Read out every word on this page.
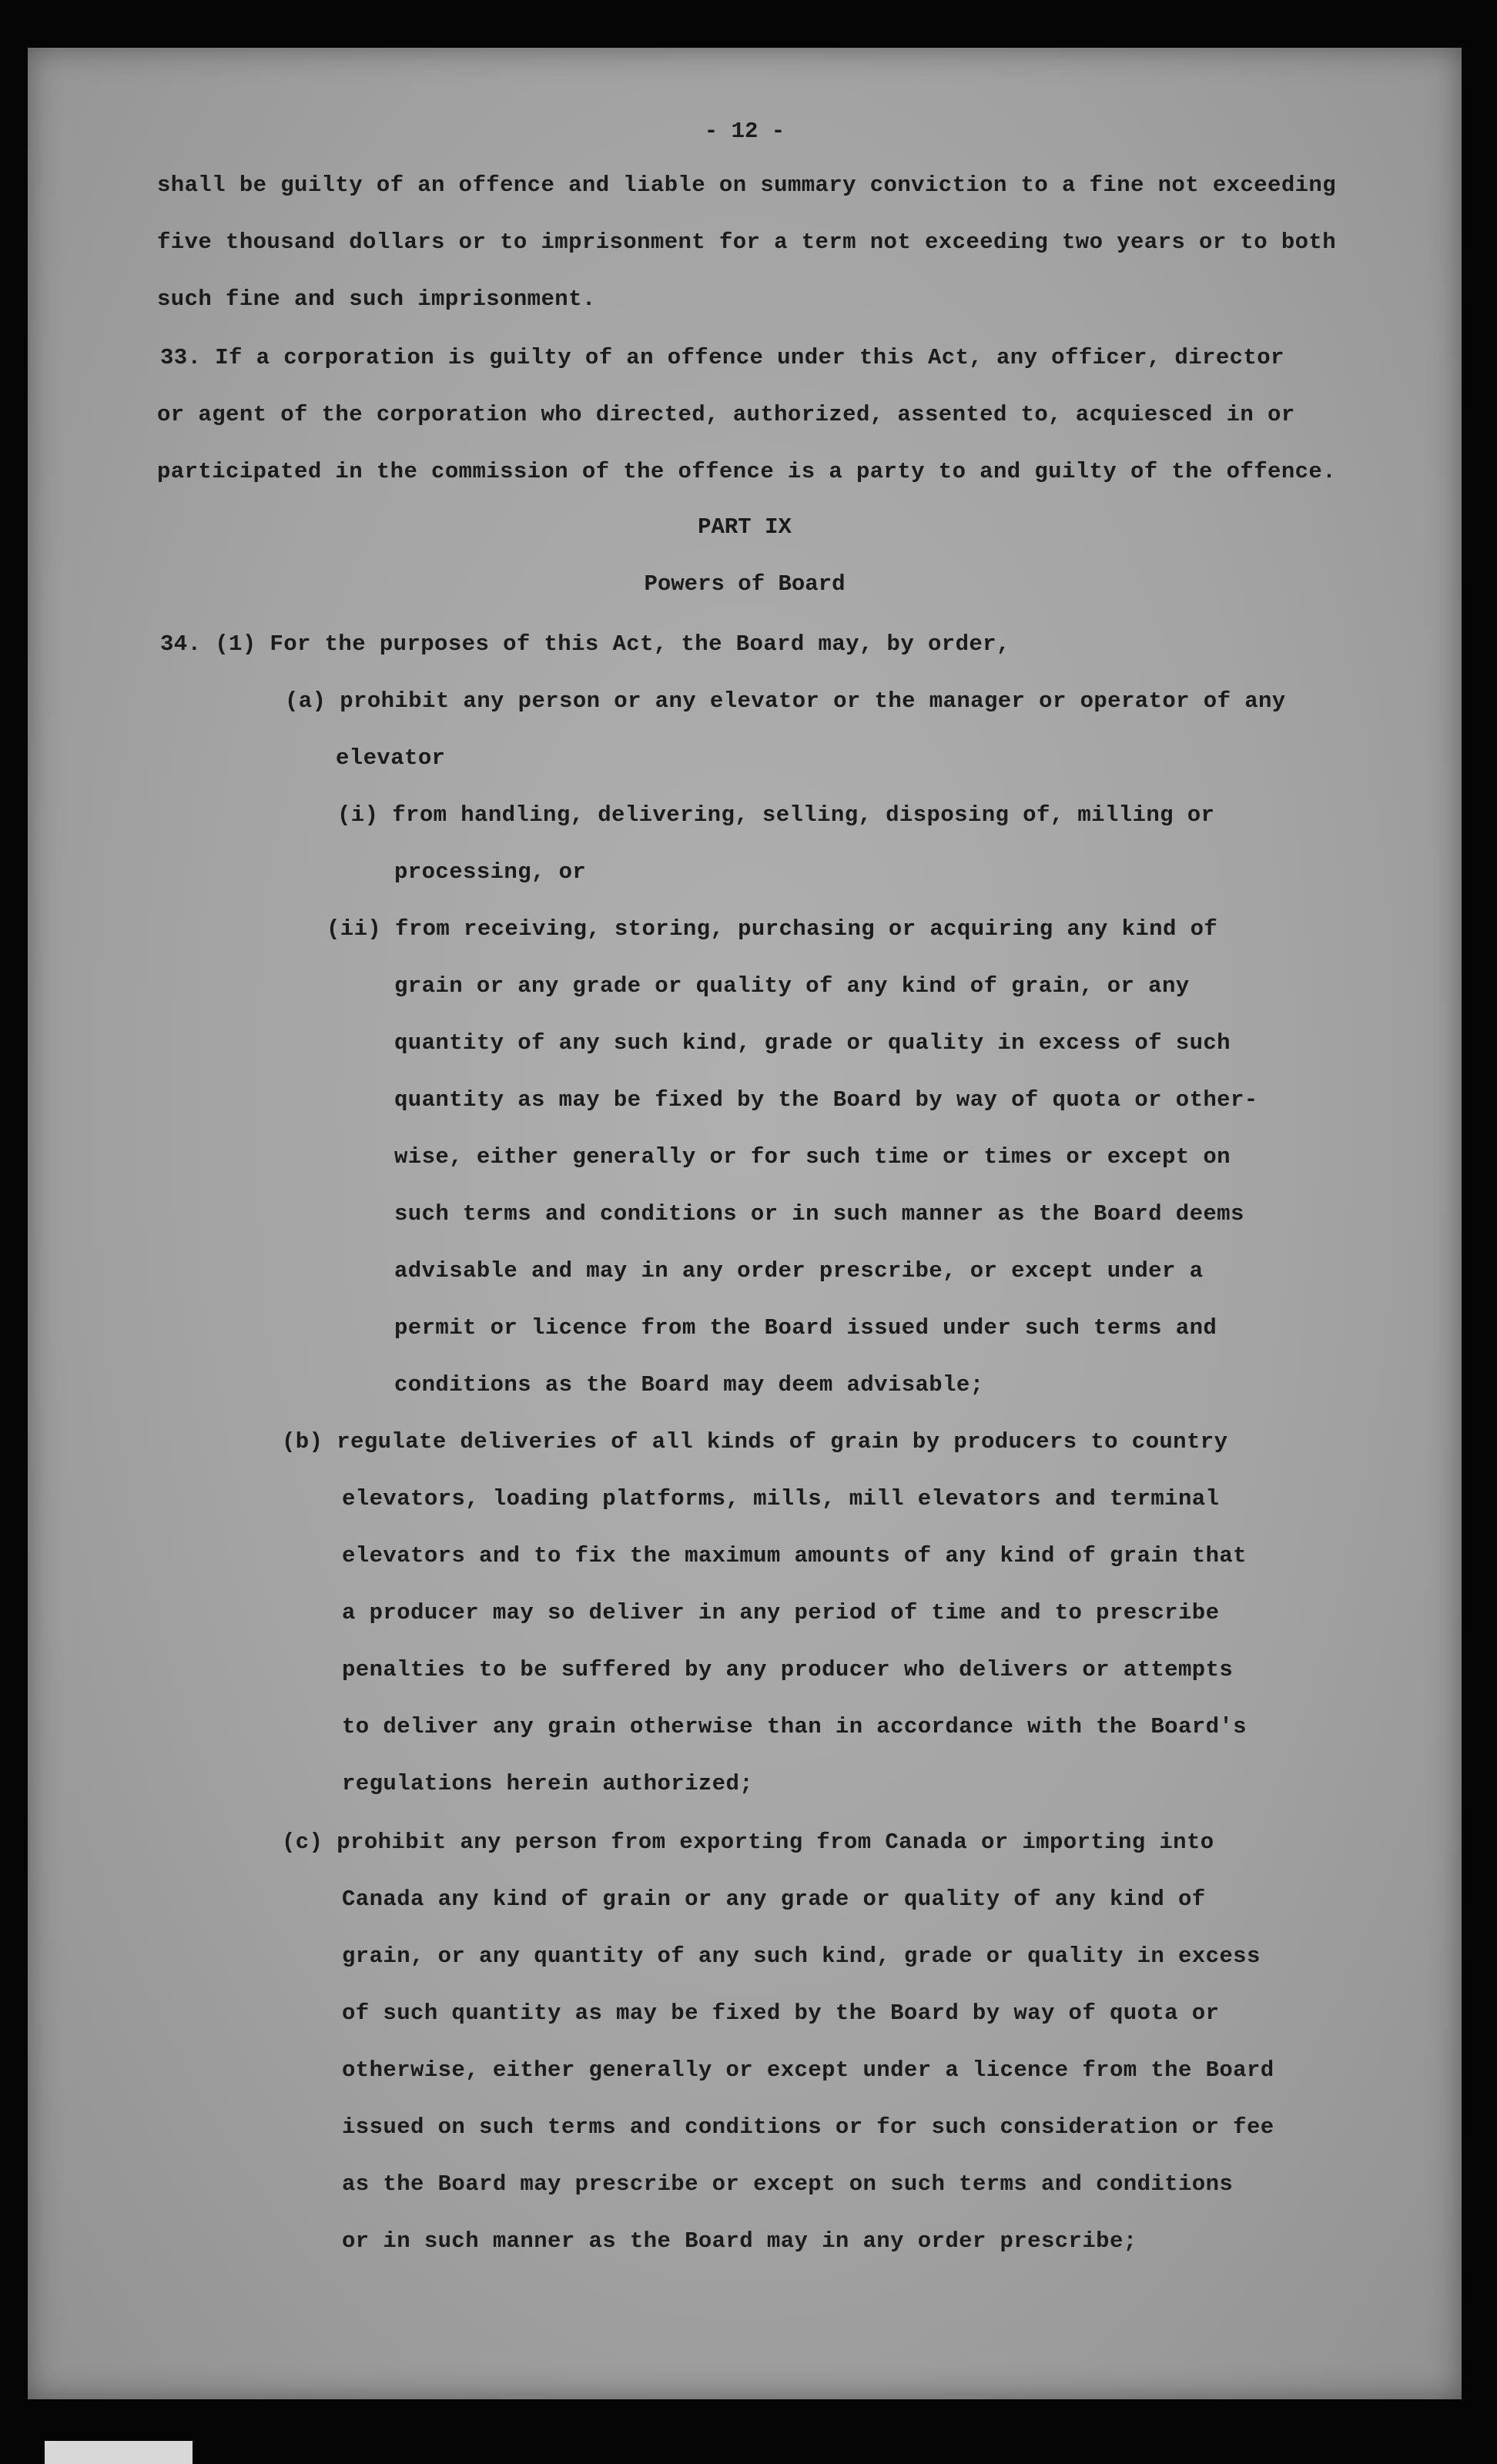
- 12 -
shall be guilty of an offence and liable on summary conviction to a fine not exceeding
five thousand dollars or to imprisonment for a term not exceeding two years or to both
such fine and such imprisonment.
33. If a corporation is guilty of an offence under this Act, any officer, director
or agent of the corporation who directed, authorized, assented to, acquiesced in or
participated in the commission of the offence is a party to and guilty of the offence.
PART IX
Powers of Board
34. (1) For the purposes of this Act, the Board may, by order,
(a) prohibit any person or any elevator or the manager or operator of any
elevator
(i) from handling, delivering, selling, disposing of, milling or
processing, or
(ii) from receiving, storing, purchasing or acquiring any kind of
grain or any grade or quality of any kind of grain, or any
quantity of any such kind, grade or quality in excess of such
quantity as may be fixed by the Board by way of quota or other-
wise, either generally or for such time or times or except on
such terms and conditions or in such manner as the Board deems
advisable and may in any order prescribe, or except under a
permit or licence from the Board issued under such terms and
conditions as the Board may deem advisable;
(b) regulate deliveries of all kinds of grain by producers to country
elevators, loading platforms, mills, mill elevators and terminal
elevators and to fix the maximum amounts of any kind of grain that
a producer may so deliver in any period of time and to prescribe
penalties to be suffered by any producer who delivers or attempts
to deliver any grain otherwise than in accordance with the Board's
regulations herein authorized;
(c) prohibit any person from exporting from Canada or importing into
Canada any kind of grain or any grade or quality of any kind of
grain, or any quantity of any such kind, grade or quality in excess
of such quantity as may be fixed by the Board by way of quota or
otherwise, either generally or except under a licence from the Board
issued on such terms and conditions or for such consideration or fee
as the Board may prescribe or except on such terms and conditions
or in such manner as the Board may in any order prescribe;
